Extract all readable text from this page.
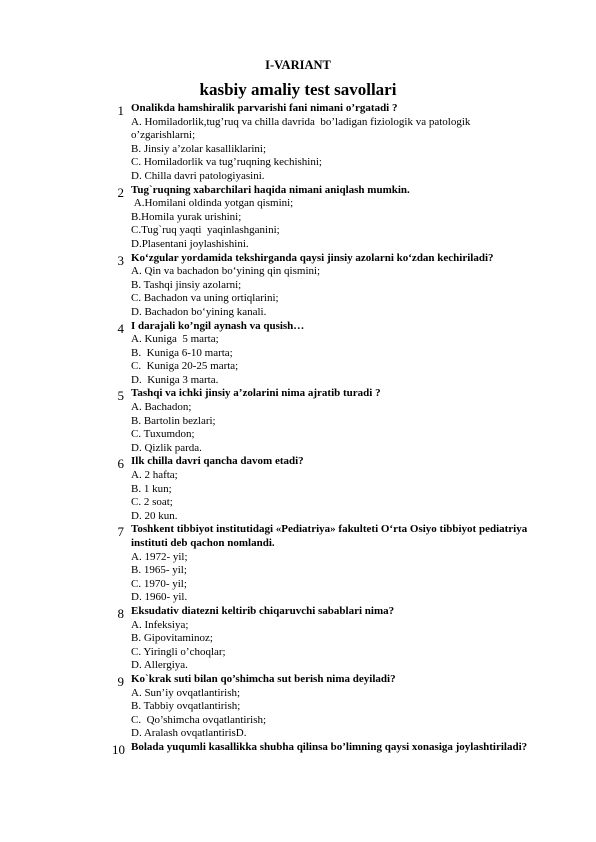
I-VARIANT
kasbiy amaliy test savollari
1 Onalikda hamshiralik parvarishi fani nimani o’rgatadi ?
A. Homiladorlik,tug’ruq va chilla davrida  bo’ladigan fiziologik va patologik o’zgarishlarni;
B. Jinsiy a’zolar kasalliklarini;
C. Homiladorlik va tug’ruqning kechishini;
D. Chilla davri patologiyasini.
2 Tug`ruqning xabarchilari haqida nimani aniqlash mumkin.
A.Homilani oldinda yotgan qismini;
B.Homila yurak urishini;
C.Tug`ruq yaqti  yaqinlashganini;
D.Plasentani joylashishini.
3 Ko‘zgular yordamida tekshirganda qaysi jinsiy azolarni ko‘zdan kechiriladi?
A. Qin va bachadon bo‘yining qin qismini;
B. Tashqi jinsiy azolarni;
C. Bachadon va uning ortiqlarini;
D. Bachadon bo‘yining kanali.
4 I darajali ko’ngil aynash va qusish…
A. Kuniga  5 marta;
B.  Kuniga 6-10 marta;
C.  Kuniga 20-25 marta;
D.  Kuniga 3 marta.
5 Tashqi va ichki jinsiy a’zolarini nima ajratib turadi ?
A. Bachadon;
B. Bartolin bezlari;
C. Tuxumdon;
D. Qizlik parda.
6 Ilk chilla davri qancha davom etadi?
A. 2 hafta;
B. 1 kun;
C. 2 soat;
D. 20 kun.
7 Toshkent tibbiyot institutidagi «Pediatriya» fakulteti O‘rta Osiyo tibbiyot pediatriya instituti deb qachon nomlandi.
A. 1972- yil;
B. 1965- yil;
C. 1970- yil;
D. 1960- yil.
8 Eksudativ diatezni keltirib chiqaruvchi sabablari nima?
A. Infeksiya;
B. Gipovitaminoz;
C. Yiringli o’choqlar;
D. Allergiya.
9 Ko`krak suti bilan qo’shimcha sut berish nima deyiladi?
A. Sun’iy ovqatlantirish;
B. Tabbiy ovqatlantirish;
C.  Qo’shimcha ovqatlantirish;
D. Aralash ovqatlantirisD.
10 Bolada yuqumli kasallikka shubha qilinsa bo’limning qaysi xonasiga joylashtiriladi?
